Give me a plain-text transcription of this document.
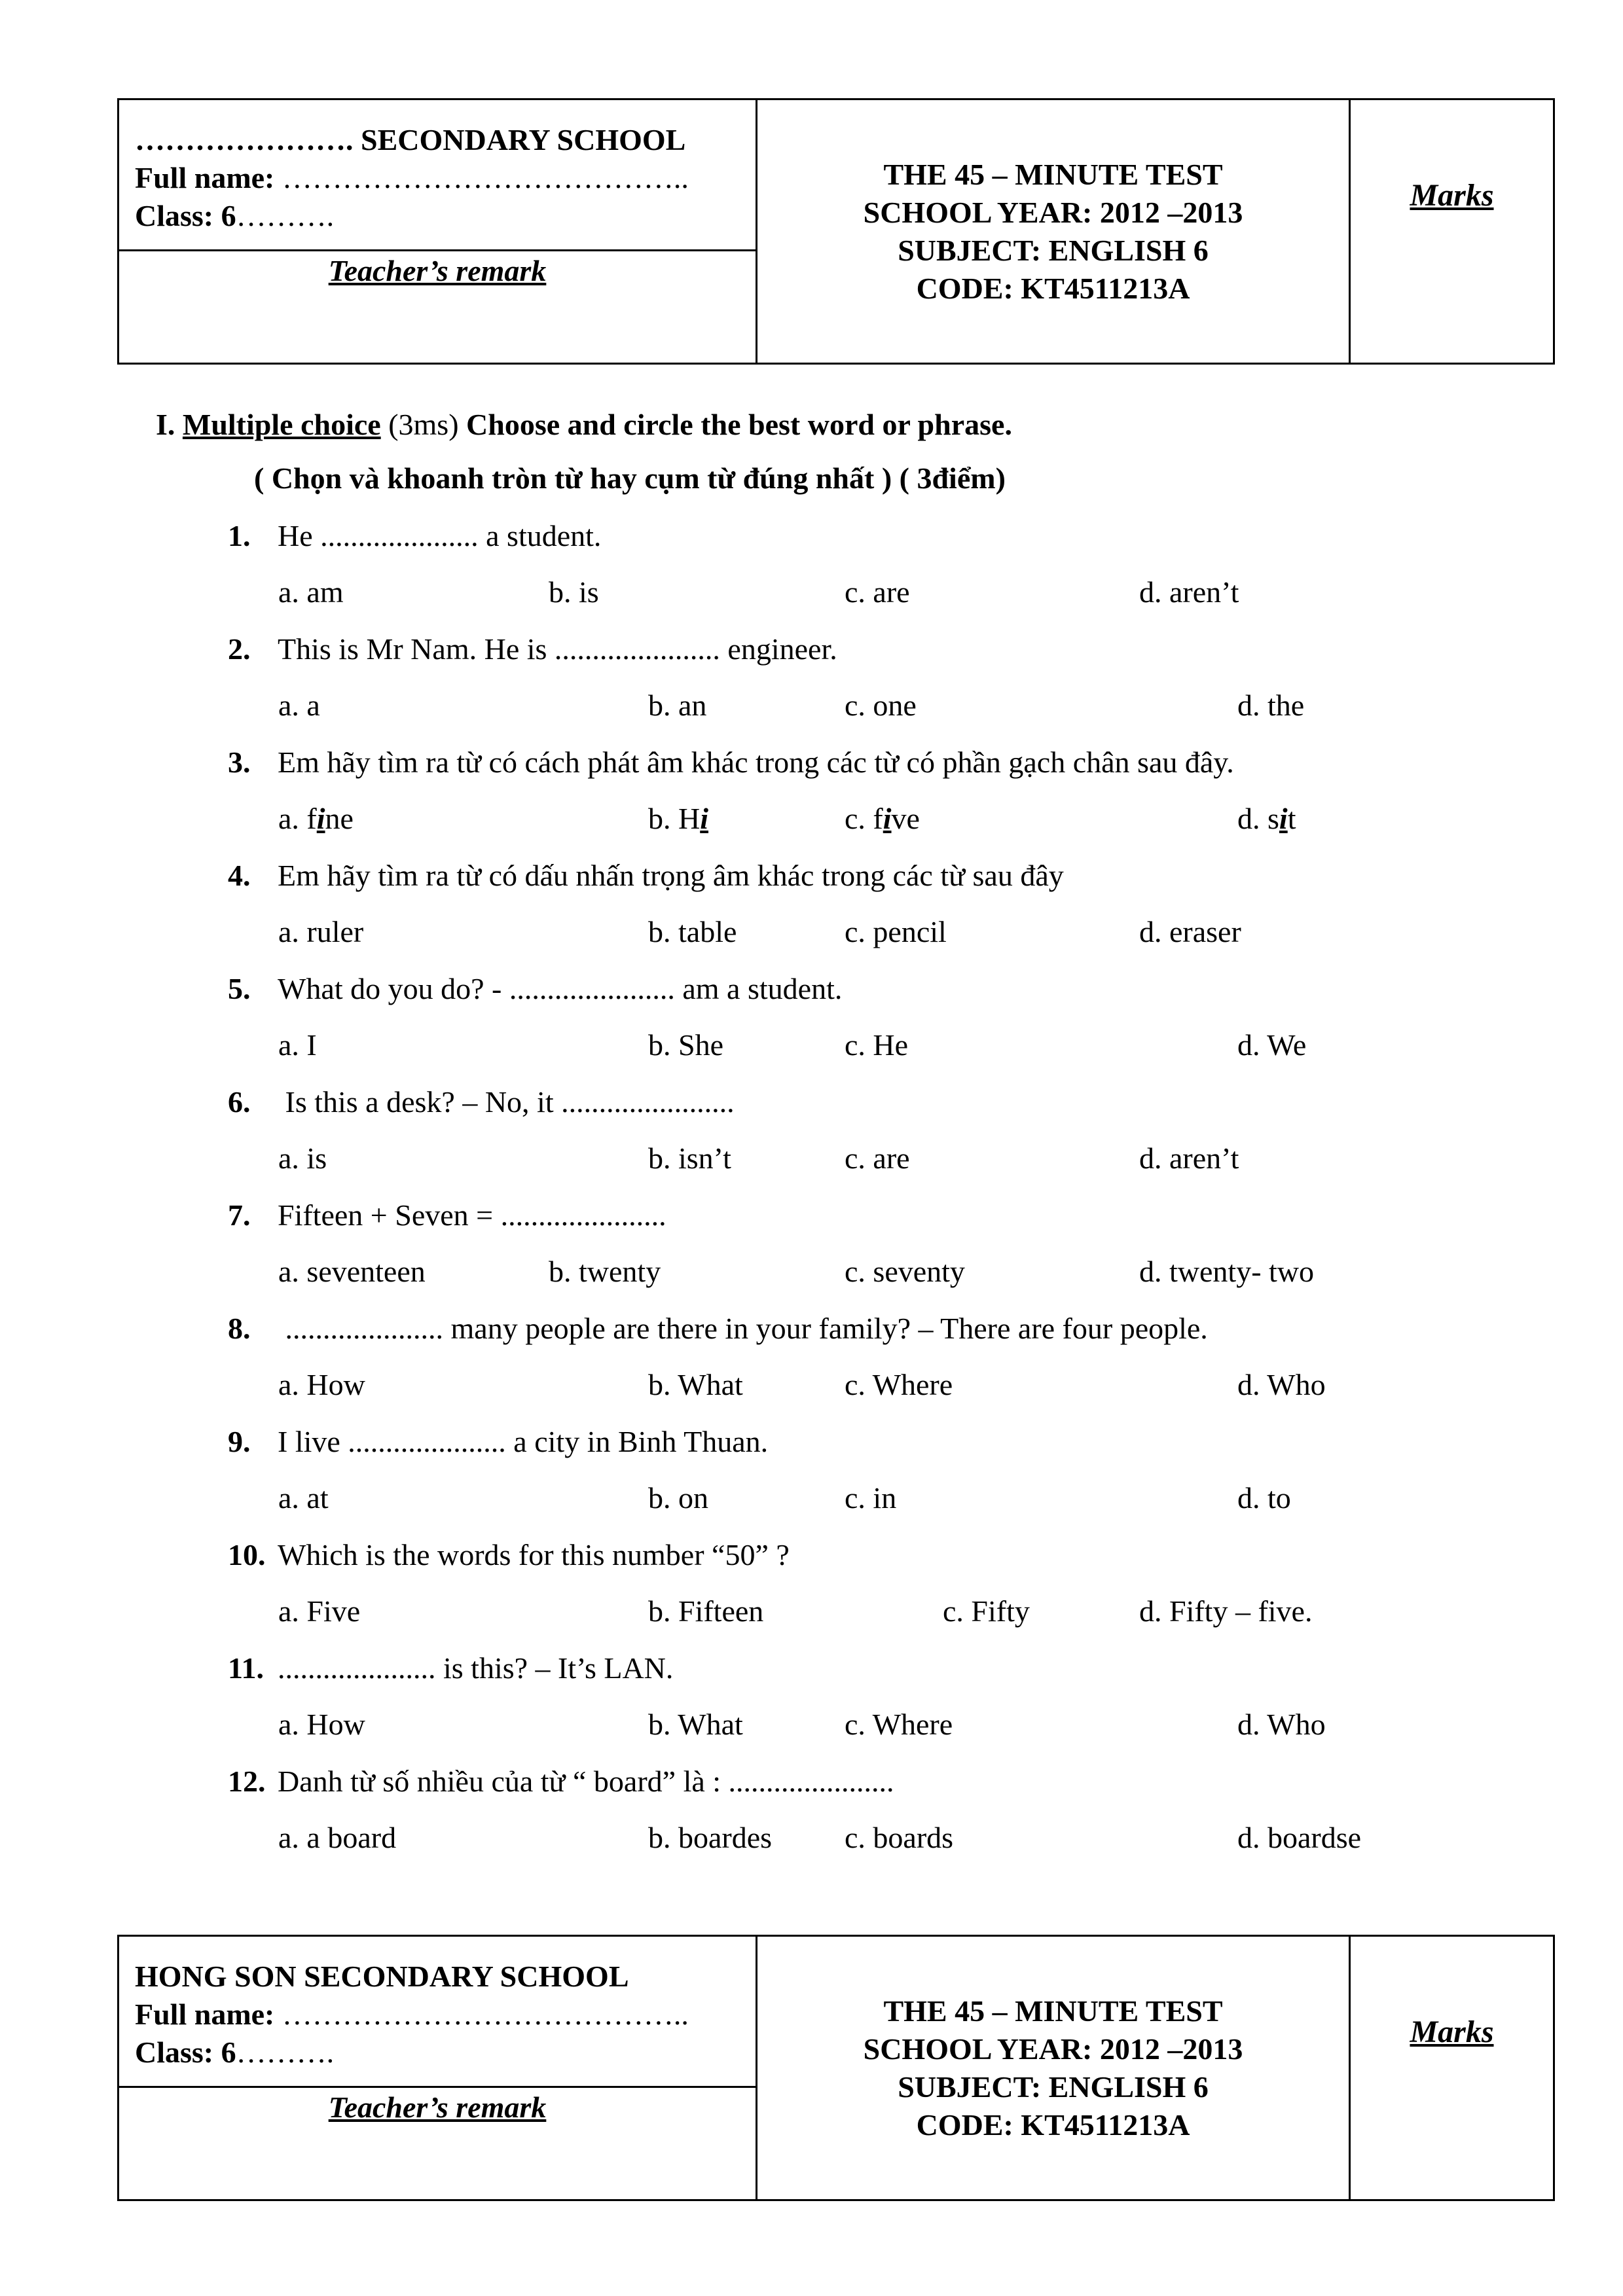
…………………. SECONDARY SCHOOL
Full name: …………………………………..
Class: 6……….

THE 45 – MINUTE TEST
SCHOOL YEAR: 2012 –2013
SUBJECT: ENGLISH 6
CODE: KT4511213A

Marks

Teacher’s remark
I. Multiple choice (3ms) Choose and circle the best word or phrase.
( Chọn và khoanh tròn từ hay cụm từ đúng nhất ) ( 3điểm)
1. He ..................... a student.
a. am	b. is	c. are	d. aren’t
2. This is Mr Nam. He is ...................... engineer.
a. a	b. an	c. one	d. the
3. Em hãy tìm ra từ có cách phát âm khác trong các từ có phần gạch chân sau đây.
a. fine	b. Hi	c. five	d. sit
4. Em hãy tìm ra từ có dấu nhấn trọng âm khác trong các từ sau đây
a. ruler	b. table	c. pencil	d. eraser
5. What do you do? - ...................... am a student.
a. I	b. She	c. He	d. We
6. Is this a desk? – No, it .......................
a. is	b. isn’t	c. are	d. aren’t
7. Fifteen + Seven = ......................
a. seventeen	b. twenty	c. seventy	d. twenty- two
8. ..................... many people are there in your family? – There are four people.
a. How	b. What	c. Where	d. Who
9. I live ..................... a city in Binh Thuan.
a. at	b. on	c. in	d. to
10. Which is the words for this number “50” ?
a. Five	b. Fifteen	c. Fifty	d. Fifty – five.
11. ..................... is this? – It’s LAN.
a. How	b. What	c. Where	d. Who
12. Danh từ số nhiều của từ “ board” là : ......................
a. a board	b. boardes c. boards	d. boardse
HONG SON SECONDARY SCHOOL
Full name: …………………………………..
Class: 6……….

THE 45 – MINUTE TEST
SCHOOL YEAR: 2012 –2013
SUBJECT: ENGLISH 6
CODE: KT4511213A

Marks

Teacher’s remark
